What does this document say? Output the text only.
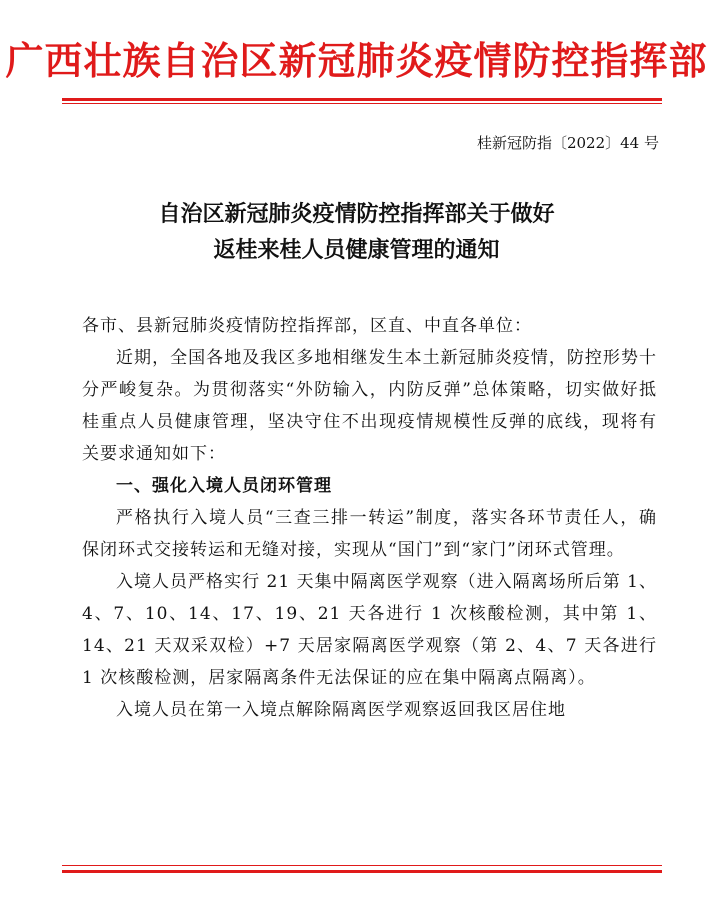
广西壮族自治区新冠肺炎疫情防控指挥部
桂新冠防指〔2022〕44 号
自治区新冠肺炎疫情防控指挥部关于做好
返桂来桂人员健康管理的通知

各市、县新冠肺炎疫情防控指挥部，区直、中直各单位：

近期，全国各地及我区多地相继发生本土新冠肺炎疫情，防控形势十分严峻复杂。为贯彻落实“外防输入，内防反弹”总体策略，切实做好抵桂重点人员健康管理，坚决守住不出现疫情规模性反弹的底线，现将有关要求通知如下：

一、强化入境人员闭环管理

严格执行入境人员“三查三排一转运”制度，落实各环节责任人，确保闭环式交接转运和无缝对接，实现从“国门”到“家门”闭环式管理。

入境人员严格实行 21 天集中隔离医学观察（进入隔离场所后第 1、4、7、10、14、17、19、21 天各进行 1 次核酸检测，其中第 1、14、21 天双采双检）+7 天居家隔离医学观察（第 2、4、7 天各进行 1 次核酸检测，居家隔离条件无法保证的应在集中隔离点隔离）。

入境人员在第一入境点解除隔离医学观察返回我区居住地
